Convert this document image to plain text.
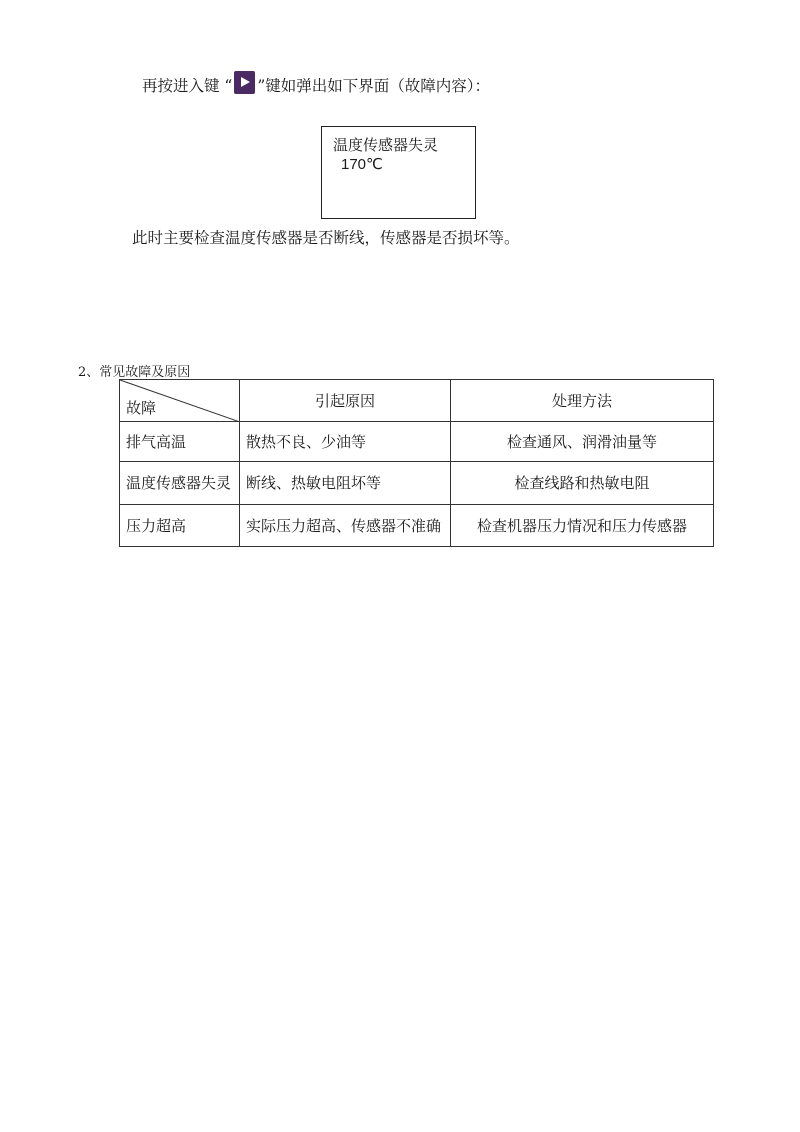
再按进入键 “ ”键如弹出如下界面（故障内容）：
温度传感器失灵
170℃
此时主要检查温度传感器是否断线，传感器是否损坏等。
2、常见故障及原因
故障	引起原因	处理方法
排气高温	散热不良、少油等	检查通风、润滑油量等
温度传感器失灵	断线、热敏电阻坏等	检查线路和热敏电阻
压力超高	实际压力超高、传感器不准确	检查机器压力情况和压力传感器
